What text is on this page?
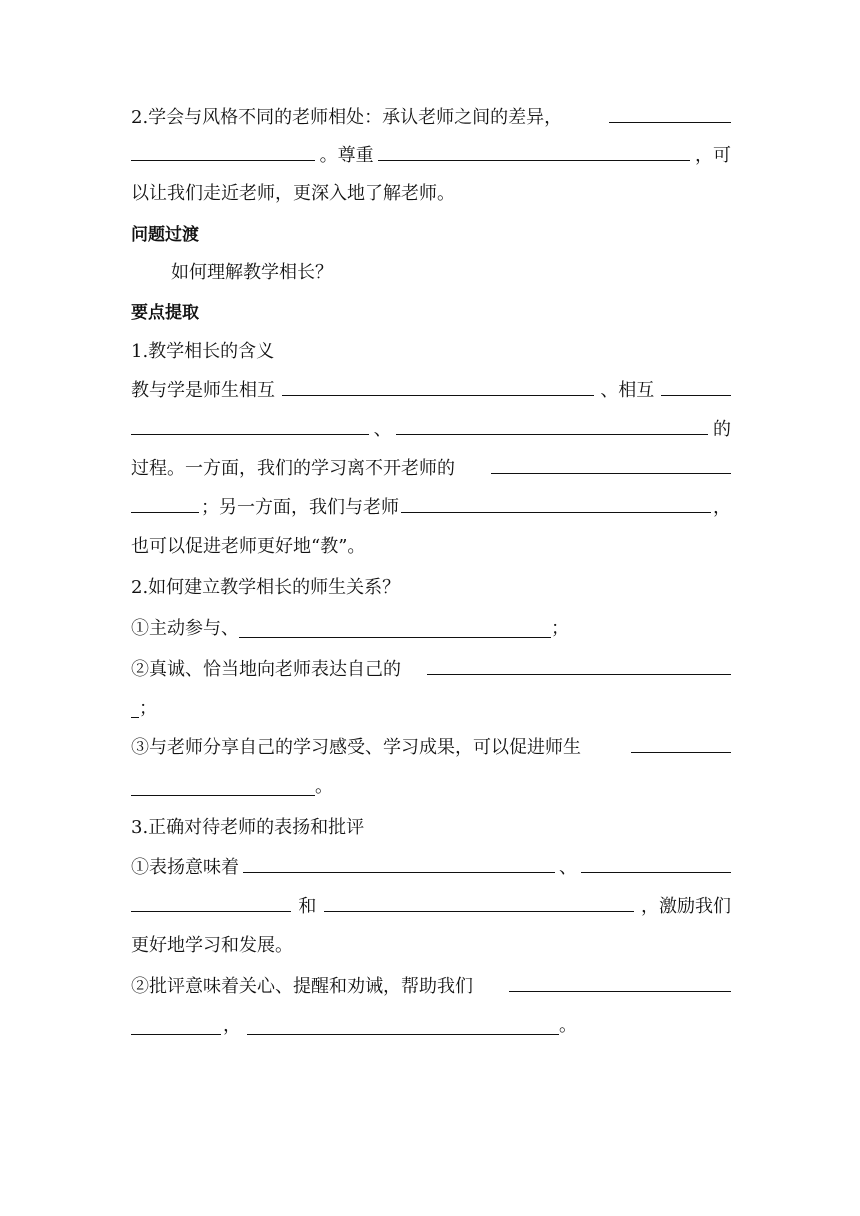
2.学会与风格不同的老师相处：承认老师之间的差异，
。尊重	，可
以让我们走近老师，更深入地了解老师。
问题过渡
如何理解教学相长？
要点提取
1.教学相长的含义
教与学是师生相互	、相互
、	的
过程。一方面，我们的学习离不开老师的
；另一方面，我们与老师	，
也可以促进老师更好地“教”。
2.如何建立教学相长的师生关系？
①主动参与、	；
②真诚、恰当地向老师表达自己的
；
③与老师分享自己的学习感受、学习成果，可以促进师生
。
3.正确对待老师的表扬和批评
①表扬意味着	、
和	，激励我们
更好地学习和发展。
②批评意味着关心、提醒和劝诫，帮助我们
，	。
